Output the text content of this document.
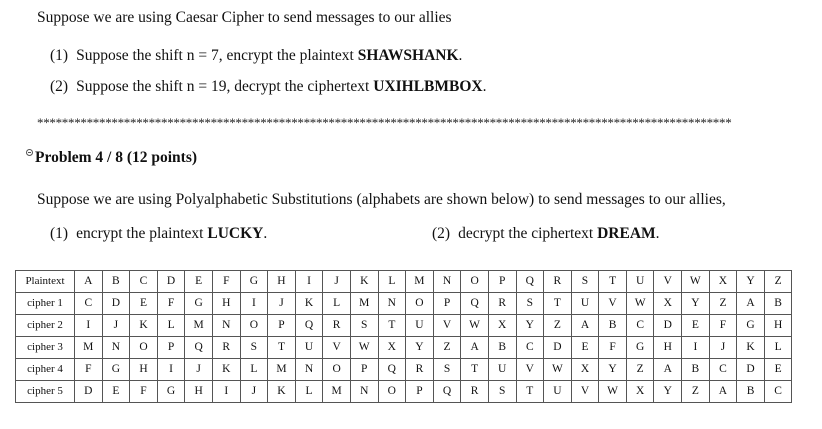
Suppose we are using Caesar Cipher to send messages to our allies
(1) Suppose the shift n = 7, encrypt the plaintext SHAWSHANK.
(2) Suppose the shift n = 19, decrypt the ciphertext UXIHLBMBOX.
****************************************************************************************************************
Problem 4 / 8 (12 points)
Suppose we are using Polyalphabetic Substitutions (alphabets are shown below) to send messages to our allies,
(1) encrypt the plaintext LUCKY.	(2) decrypt the ciphertext DREAM.
Plaintext	A	B	C	D	E	F	G	H	I	J	K	L	M	N	O	P	Q	R	S	T	U	V	W	X	Y	Z
cipher 1	C	D	E	F	G	H	I	J	K	L	M	N	O	P	Q	R	S	T	U	V	W	X	Y	Z	A	B
cipher 2	I	J	K	L	M	N	O	P	Q	R	S	T	U	V	W	X	Y	Z	A	B	C	D	E	F	G	H
cipher 3	M	N	O	P	Q	R	S	T	U	V	W	X	Y	Z	A	B	C	D	E	F	G	H	I	J	K	L
cipher 4	F	G	H	I	J	K	L	M	N	O	P	Q	R	S	T	U	V	W	X	Y	Z	A	B	C	D	E
cipher 5	D	E	F	G	H	I	J	K	L	M	N	O	P	Q	R	S	T	U	V	W	X	Y	Z	A	B	C
